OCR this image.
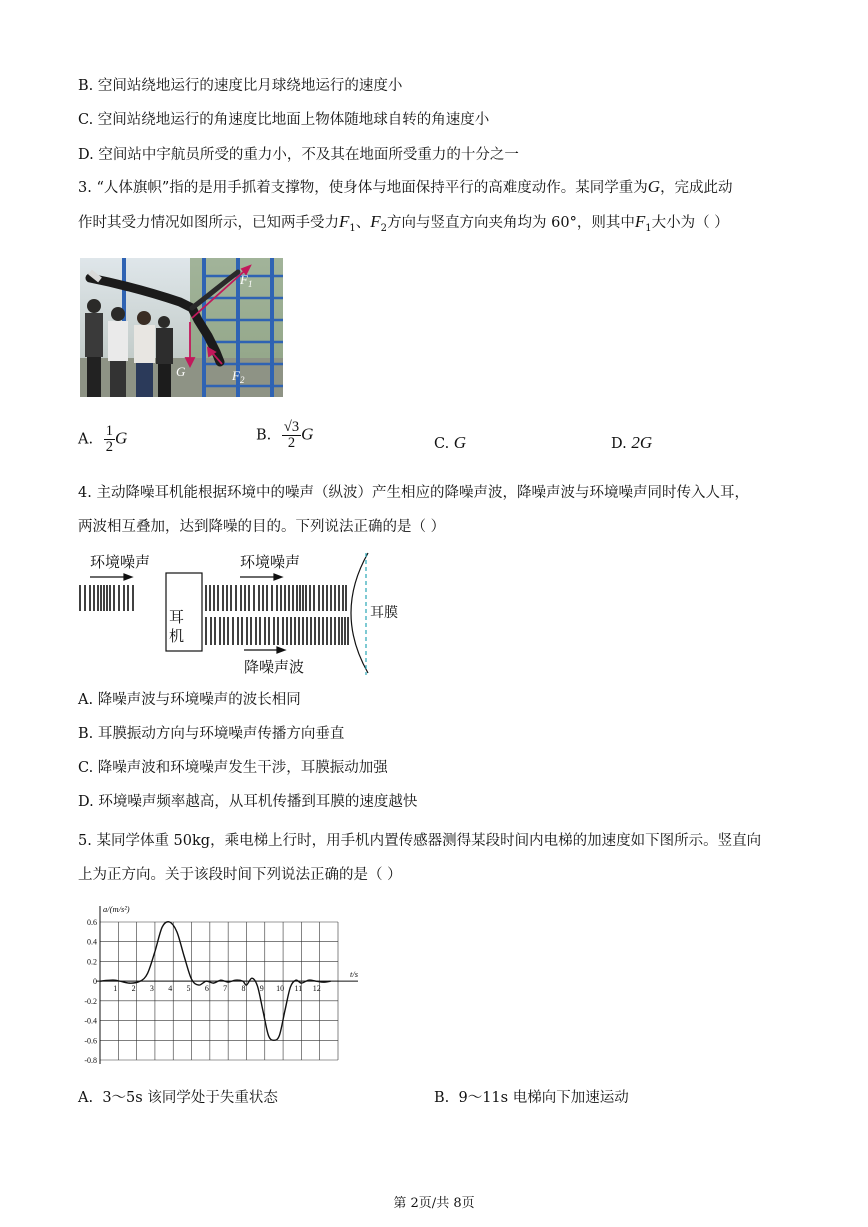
B. 空间站绕地运行的速度比月球绕地运行的速度小
C. 空间站绕地运行的角速度比地面上物体随地球自转的角速度小
D. 空间站中宇航员所受的重力小，不及其在地面所受重力的十分之一
3. “人体旗帜”指的是用手抓着支撑物，使身体与地面保持平行的高难度动作。某同学重为G，完成此动
作时其受力情况如图所示，已知两手受力$F_1$、$F_2$方向与竖直方向夹角均为 60°，则其中$F_1$大小为（ ）
$F_1$
G	$F_2$
A. $\frac{1}{2}$ G	B. $\frac{√3}{2}$ G
C. G	D. 2G
4. 主动降噪耳机能根据环境中的噪声（纵波）产生相应的降噪声波，降噪声波与环境噪声同时传入人耳，
两波相互叠加，达到降噪的目的。下列说法正确的是（ ）
环境噪声	环境噪声
耳膜
降噪声波
耳机
A. 降噪声波与环境噪声的波长相同
B. 耳膜振动方向与环境噪声传播方向垂直
C. 降噪声波和环境噪声发生干涉，耳膜振动加强
D. 环境噪声频率越高，从耳机传播到耳膜的速度越快
5. 某同学体重 50kg，乘电梯上行时，用手机内置传感器测得某段时间内电梯的加速度如下图所示。竖直向
上为正方向。关于该段时间下列说法正确的是（ ）
0.6
0.4
0.2
0
-0.2
-0.4
-0.6
-0.8
1 2 3 4 5 6 7 8 9 10 11 12
a/(m/s²)
t/s
A. 3～5s 该同学处于失重状态	B. 9～11s 电梯向下加速运动
第 2页/共 8页
